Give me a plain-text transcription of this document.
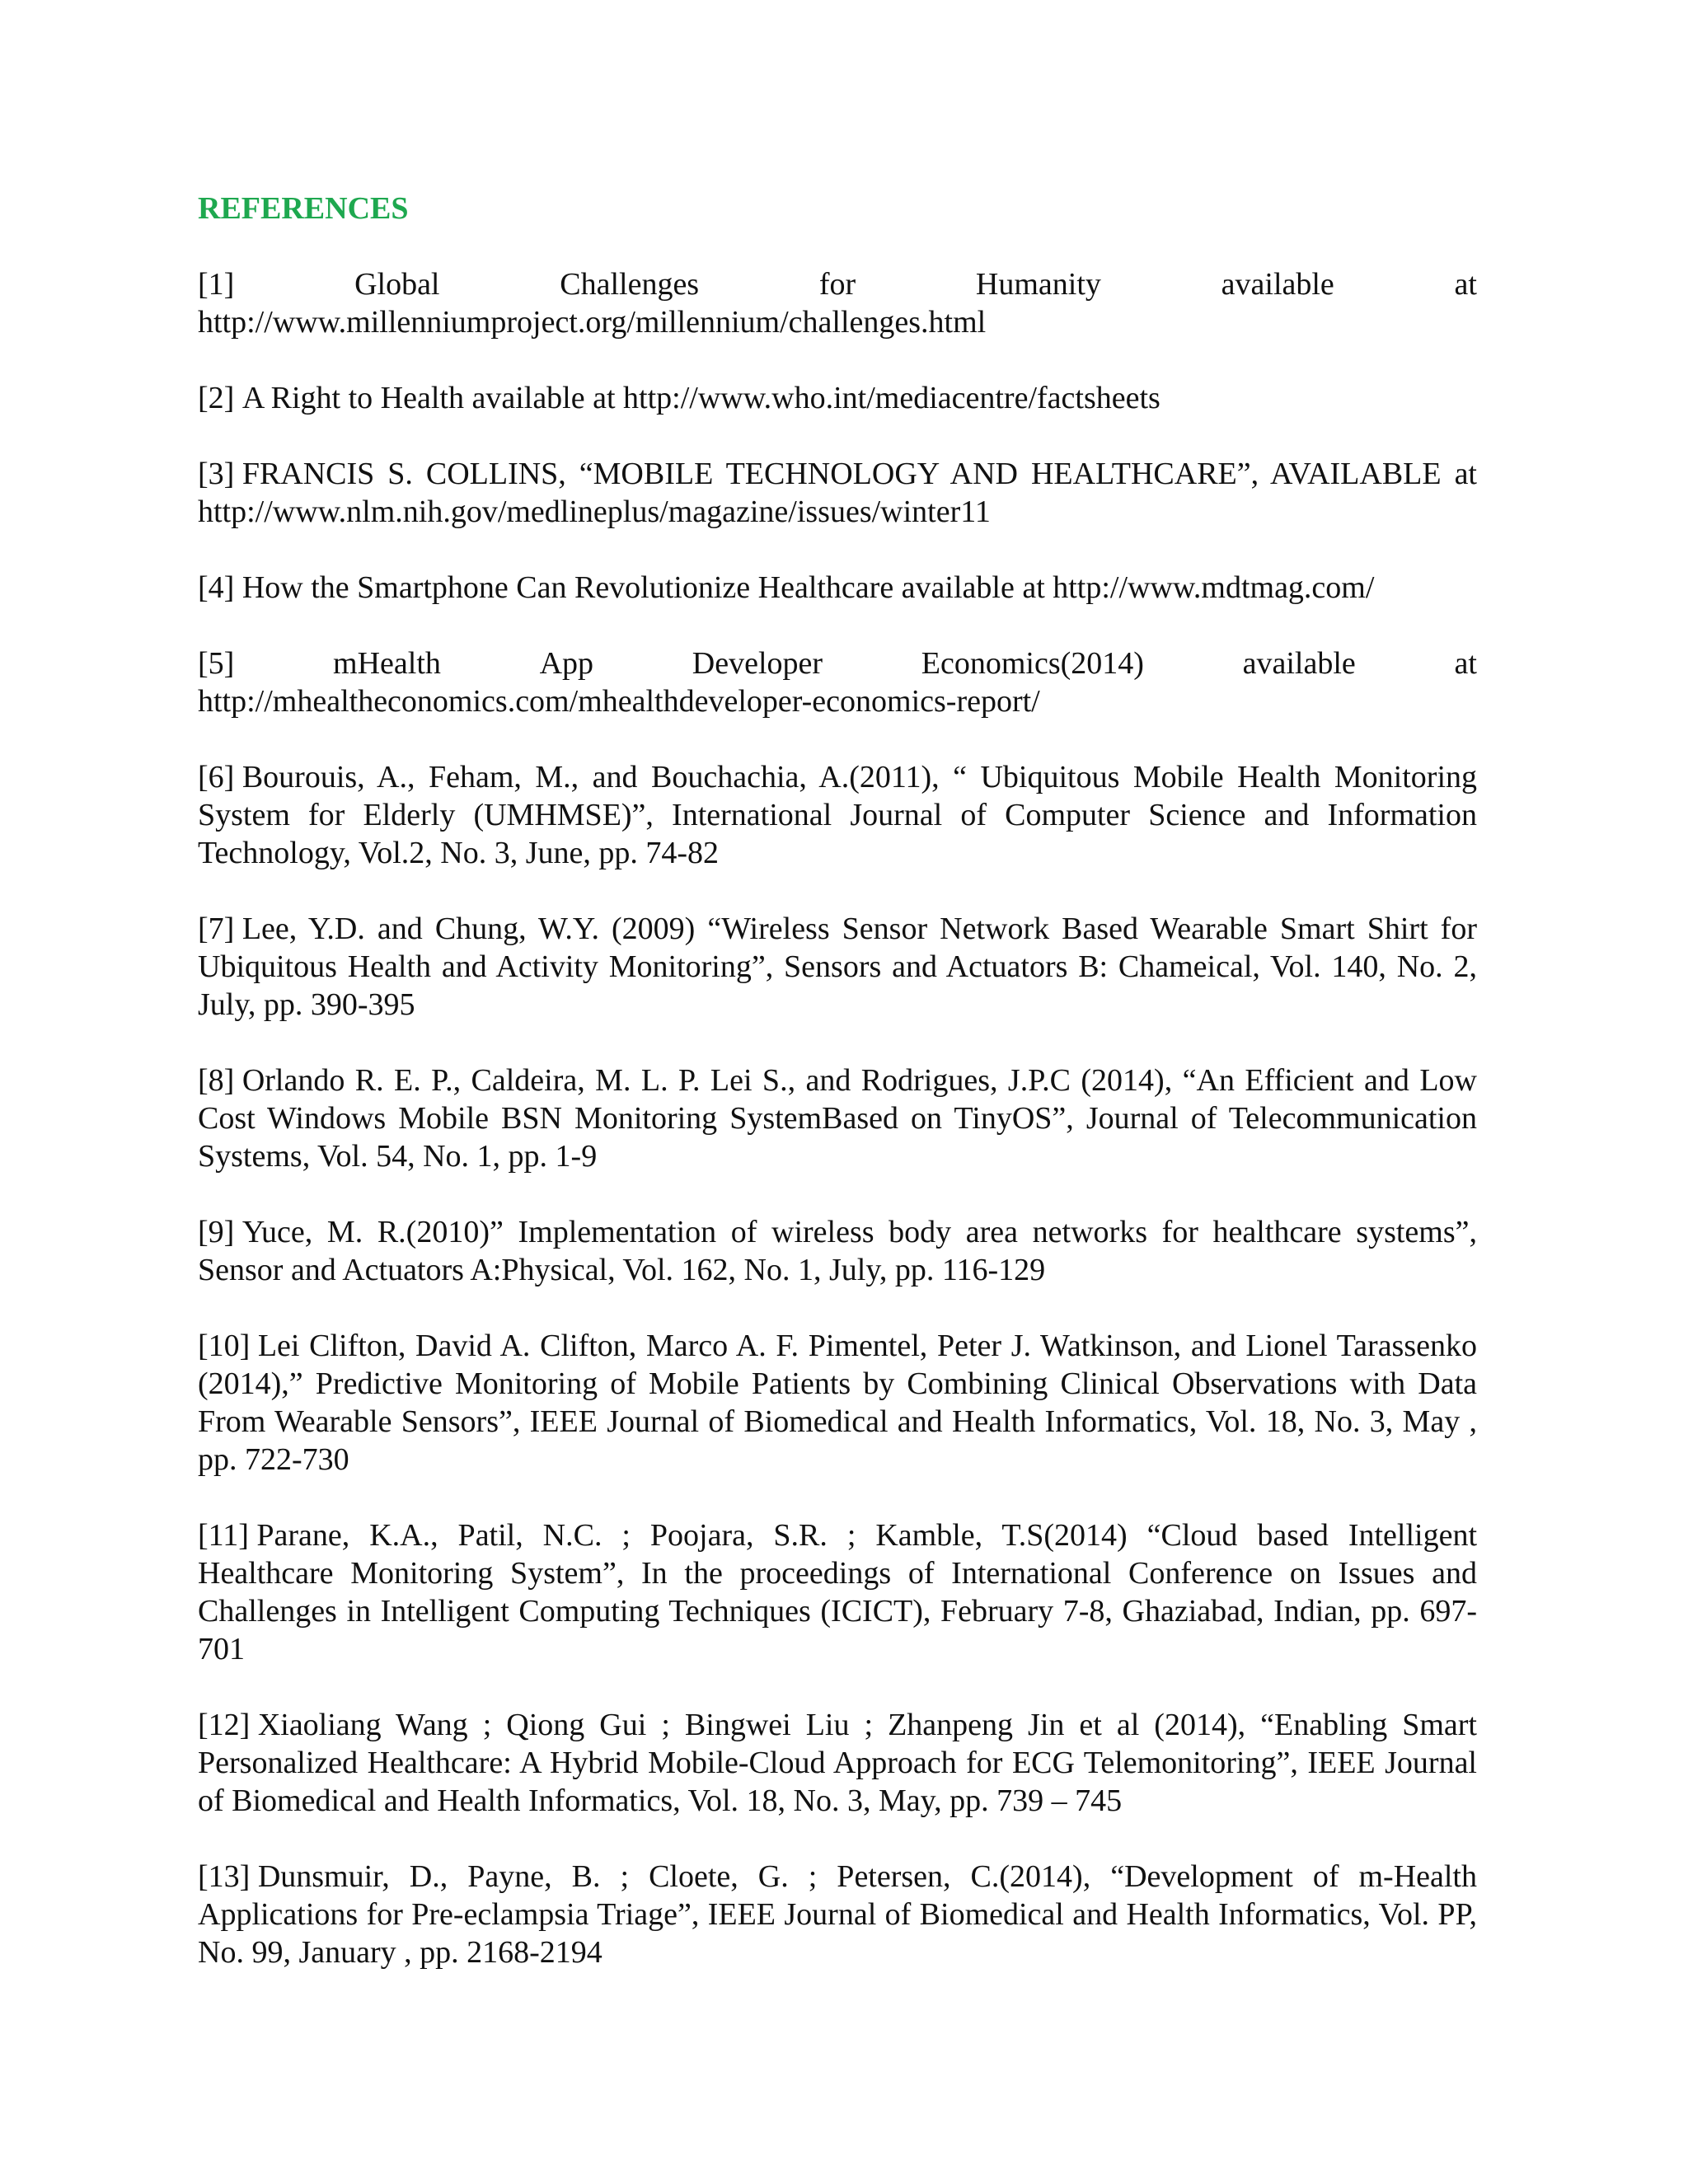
REFERENCES
[1]	Global	Challenges	for	Humanity	available	at
http://www.millenniumproject.org/millennium/challenges.html
[2] A Right to Health available at http://www.who.int/mediacentre/factsheets
[3] FRANCIS S. COLLINS, “MOBILE TECHNOLOGY AND HEALTHCARE”, AVAILABLE at http://www.nlm.nih.gov/medlineplus/magazine/issues/winter11
[4] How the Smartphone Can Revolutionize Healthcare available at http://www.mdtmag.com/
[5]	mHealth	App	Developer	Economics(2014)	available	at
http://mhealtheconomics.com/mhealthdeveloper-economics-report/
[6] Bourouis, A., Feham, M., and Bouchachia, A.(2011), “ Ubiquitous Mobile Health Monitoring System for Elderly (UMHMSE)”, International Journal of Computer Science and Information Technology, Vol.2, No. 3, June, pp. 74-82
[7] Lee, Y.D. and Chung, W.Y. (2009) “Wireless Sensor Network Based Wearable Smart Shirt for Ubiquitous Health and Activity Monitoring”, Sensors and Actuators B: Chameical, Vol. 140, No. 2, July, pp. 390-395
[8] Orlando R. E. P., Caldeira, M. L. P. Lei S., and Rodrigues, J.P.C (2014), “An Efficient and Low Cost Windows Mobile BSN Monitoring SystemBased on TinyOS”, Journal of Telecommunication Systems, Vol. 54, No. 1, pp. 1-9
[9] Yuce, M. R.(2010)” Implementation of wireless body area networks for healthcare systems”, Sensor and Actuators A:Physical, Vol. 162, No. 1, July, pp. 116-129
[10] Lei Clifton, David A. Clifton, Marco A. F. Pimentel, Peter J. Watkinson, and Lionel Tarassenko (2014),” Predictive Monitoring of Mobile Patients by Combining Clinical Observations with Data From Wearable Sensors”, IEEE Journal of Biomedical and Health Informatics, Vol. 18, No. 3, May , pp. 722-730
[11] Parane, K.A., Patil, N.C. ; Poojara, S.R. ; Kamble, T.S(2014) “Cloud based Intelligent Healthcare Monitoring System”, In the proceedings of International Conference on Issues and Challenges in Intelligent Computing Techniques (ICICT), February 7-8, Ghaziabad, Indian, pp. 697-701
[12] Xiaoliang Wang ; Qiong Gui ; Bingwei Liu ; Zhanpeng Jin et al (2014), “Enabling Smart Personalized Healthcare: A Hybrid Mobile-Cloud Approach for ECG Telemonitoring”, IEEE Journal of Biomedical and Health Informatics, Vol. 18, No. 3, May, pp. 739 – 745
[13] Dunsmuir, D., Payne, B. ; Cloete, G. ; Petersen, C.(2014), “Development of m-Health Applications for Pre-eclampsia Triage”, IEEE Journal of Biomedical and Health Informatics, Vol. PP, No. 99, January , pp. 2168-2194
